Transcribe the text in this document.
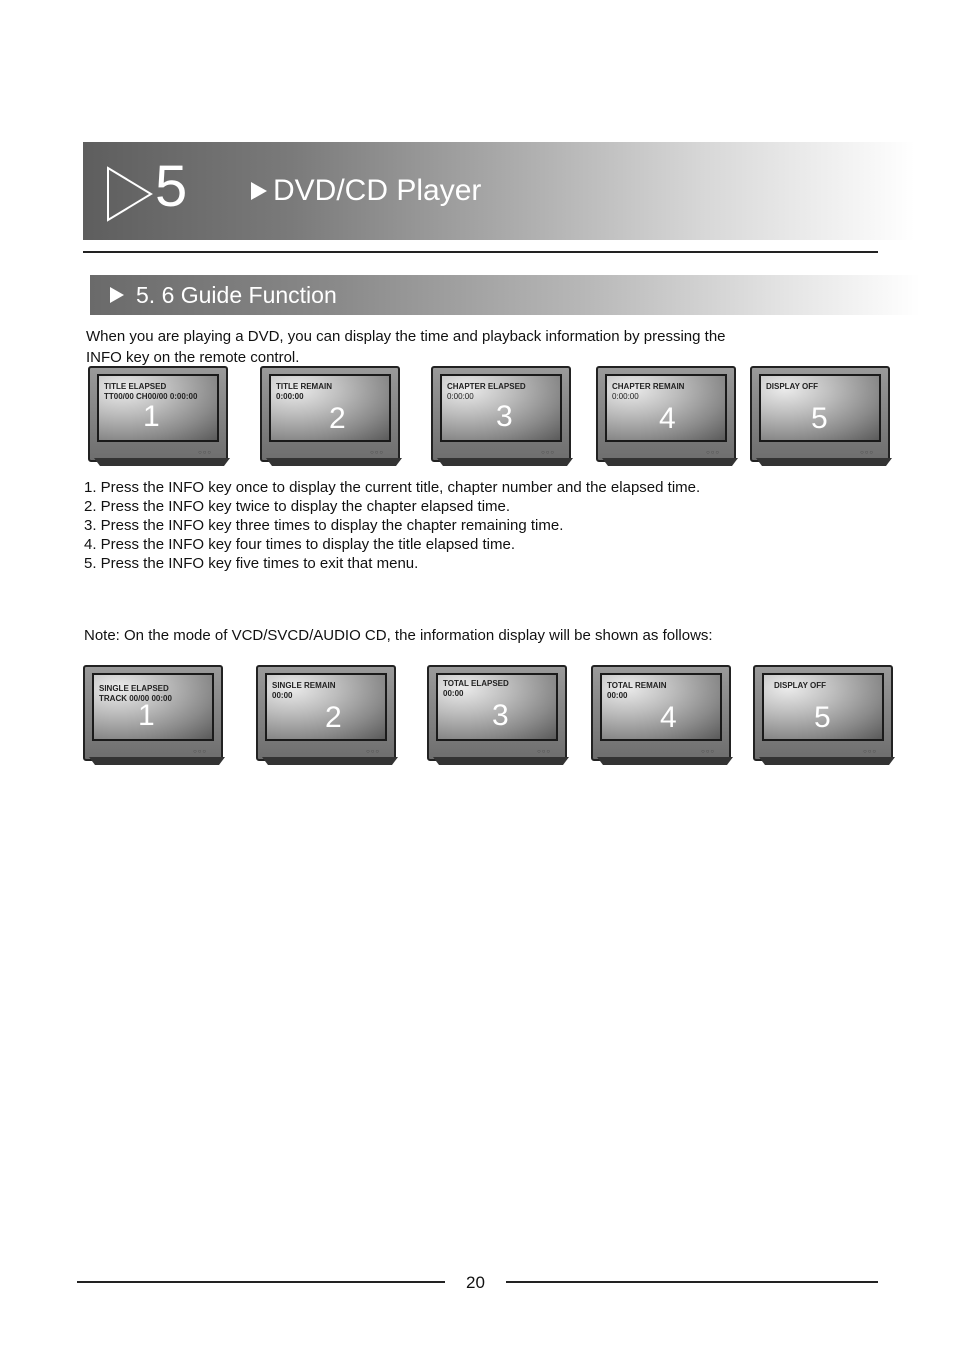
5	DVD/CD Player
5. 6 Guide Function
When you are playing a DVD, you can display the time and playback information by pressing the
INFO key on the remote control.
TITLE ELAPSED
TT00/00 CH00/00 0:00:00
1
○○○
TITLE REMAIN
0:00:00
2
○○○
CHAPTER ELAPSED
0:00:00
3
○○○
CHAPTER REMAIN
0:00:00
4
○○○
DISPLAY OFF
5
○○○
1. Press the INFO key once to display the current title, chapter number and the elapsed time.
2. Press the INFO key twice to display the chapter elapsed time.
3. Press the INFO key three times to display the chapter remaining time.
4. Press the INFO key four times to display the title elapsed time.
5. Press the INFO key five times to exit that menu.
Note: On the mode of VCD/SVCD/AUDIO CD, the information display will be shown as follows:
SINGLE ELAPSED
TRACK 00/00 00:00
1
○○○
SINGLE REMAIN
00:00
2
○○○
TOTAL ELAPSED
00:00
3
○○○
TOTAL REMAIN
00:00
4
○○○
DISPLAY OFF
5
○○○
20
